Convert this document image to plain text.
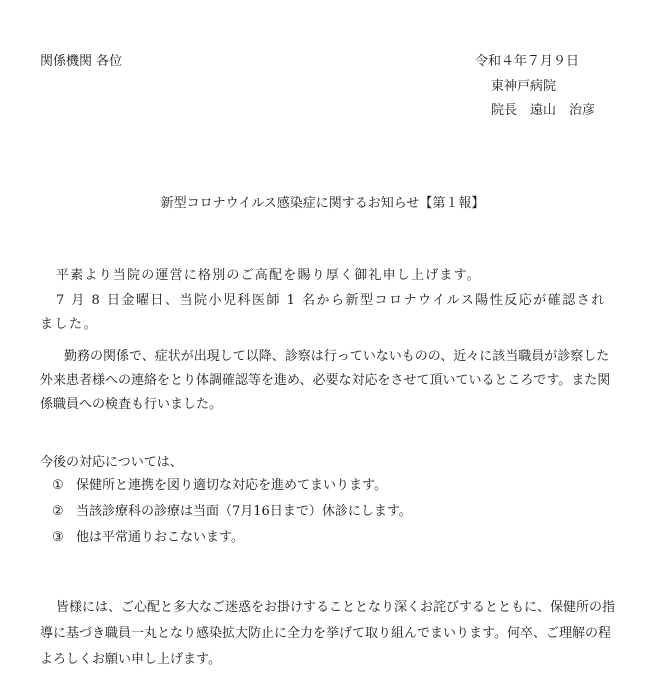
関係機関 各位	令和４年７月９日
東神戸病院
院長　遠山　治彦
新型コロナウイルス感染症に関するお知らせ【第１報】
平素より当院の運営に格別のご高配を賜り厚く御礼申し上げます。
7 月 8 日金曜日、当院小児科医師 1 名から新型コロナウイルス陽性反応が確認されました。
勤務の関係で、症状が出現して以降、診察は行っていないものの、近々に該当職員が診察した外来患者様への連絡をとり体調確認等を進め、必要な対応をさせて頂いているところです。また関係職員への検査も行いました。
今後の対応については、
① 保健所と連携を図り適切な対応を進めてまいります。
② 当該診療科の診療は当面（7月16日まで）休診にします。
③ 他は平常通りおこないます。
皆様には、ご心配と多大なご迷惑をお掛けすることとなり深くお詫びするとともに、保健所の指導に基づき職員一丸となり感染拡大防止に全力を挙げて取り組んでまいります。何卒、ご理解の程よろしくお願い申し上げます。
